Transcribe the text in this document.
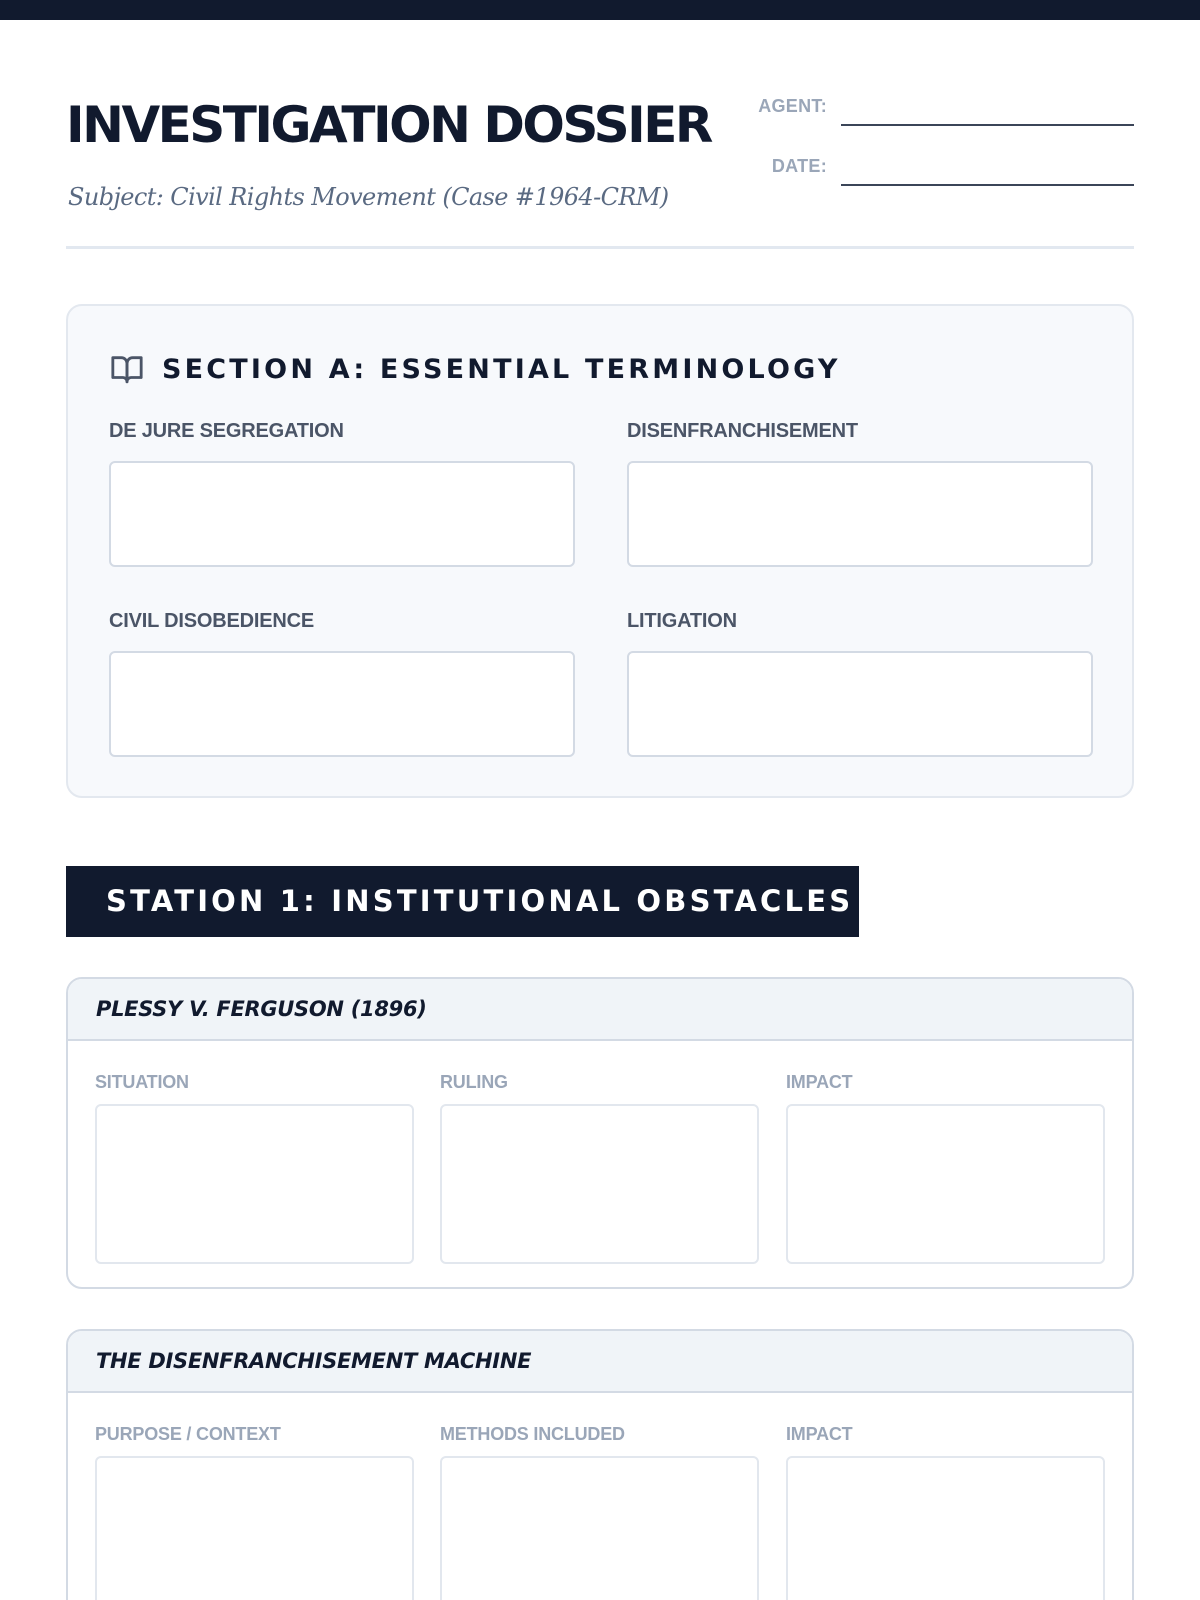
INVESTIGATION DOSSIER
Subject: Civil Rights Movement (Case #1964-CRM)
AGENT:
DATE:
SECTION A: ESSENTIAL TERMINOLOGY
DE JURE SEGREGATION	DISENFRANCHISEMENT
CIVIL DISOBEDIENCE	LITIGATION
STATION 1: INSTITUTIONAL OBSTACLES
PLESSY V. FERGUSON (1896)
SITUATION	RULING	IMPACT
THE DISENFRANCHISEMENT MACHINE
PURPOSE / CONTEXT	METHODS INCLUDED	IMPACT
